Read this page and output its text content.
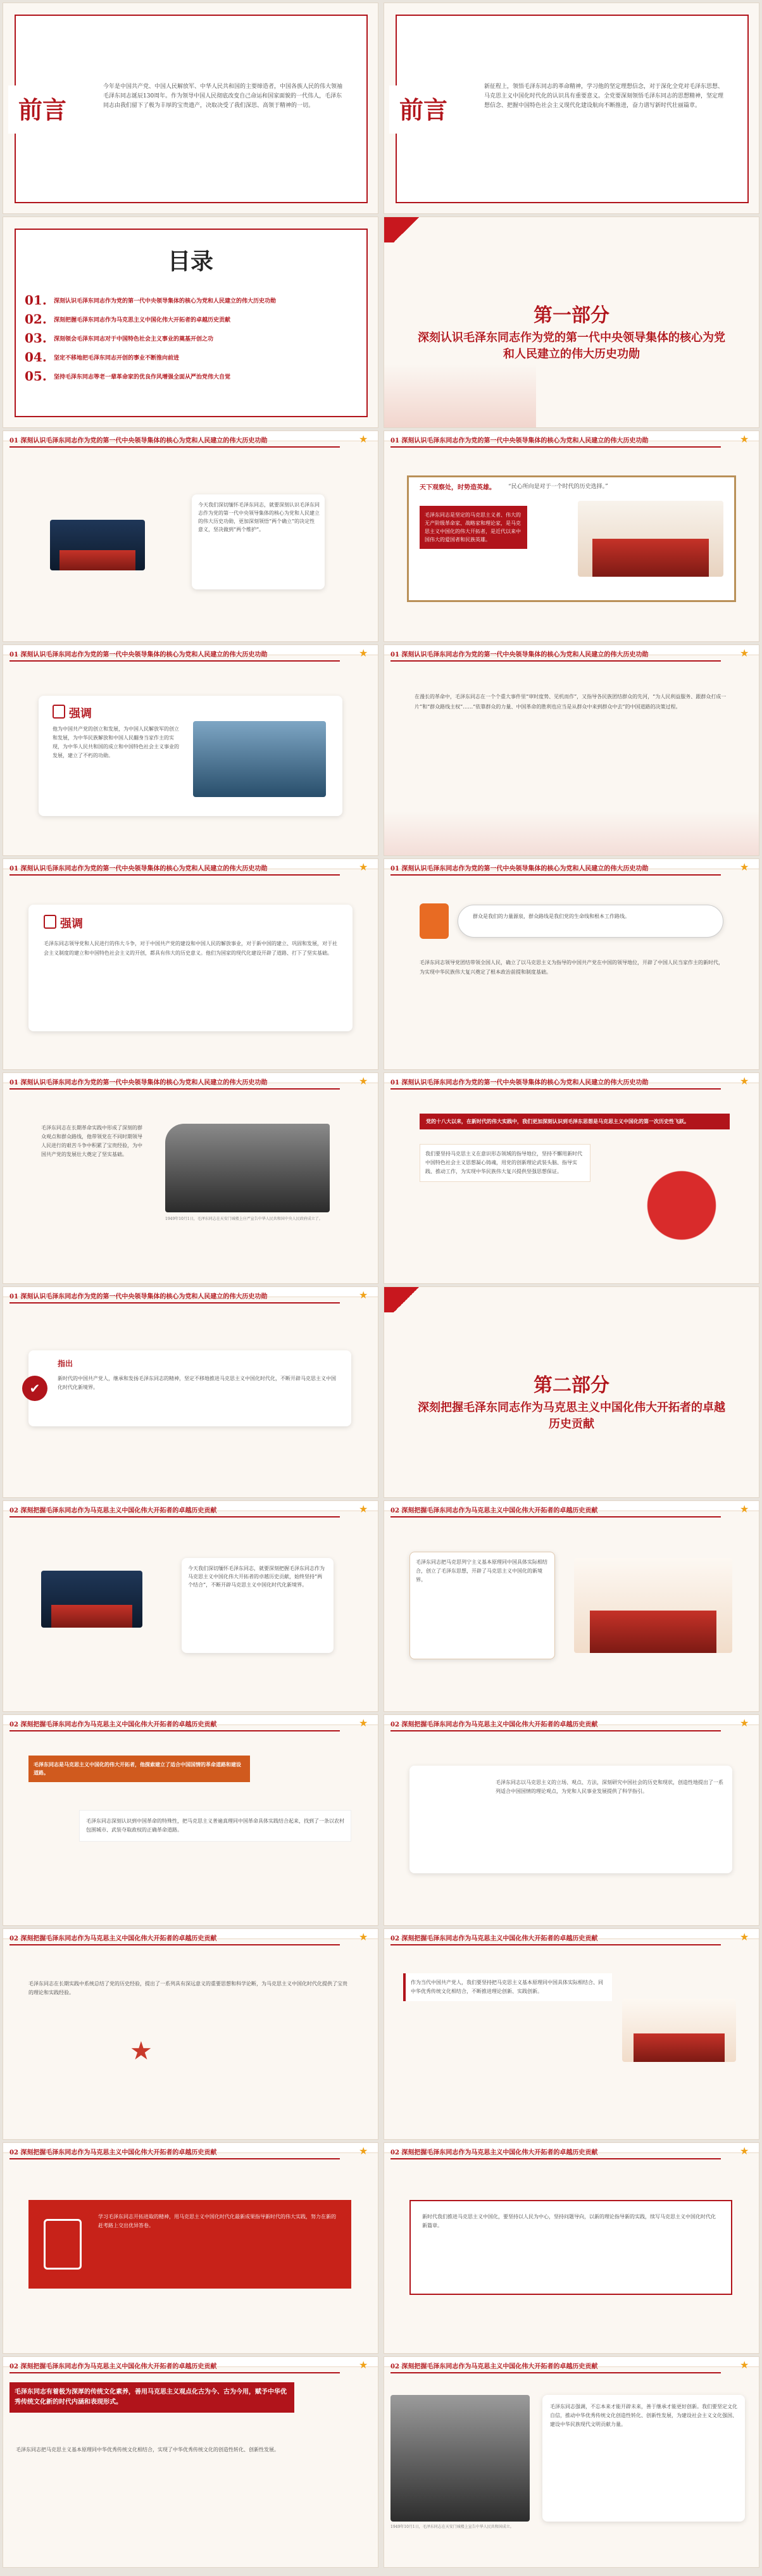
前言
今年是中国共产党、中国人民解放军、中华人民共和国的主要缔造者，中国各族人民的伟大领袖毛泽东同志诞辰130周年。作为领导中国人民彻底改变自己命运和国家面貌的一代伟人，毛泽东同志由我们留下了极为丰厚的宝贵遗产，决取决受了我们深思、高领于精神的一切。	前言
新征程上，领悟毛泽东同志的革命精神，学习他的坚定理想信念，对于深化全党对毛泽东思想、马克思主义中国化时代化的认识具有重要意义。全党要深刻领悟毛泽东同志的思想精神，坚定理想信念、把握中国特色社会主义现代化建设航向不断推进，奋力谱写新时代壮丽篇章。
目录
01.	深刻认识毛泽东同志作为党的第一代中央领导集体的核心为党和人民建立的伟大历史功勋
02.	深刻把握毛泽东同志作为马克思主义中国化伟大开拓者的卓越历史贡献
03.	深刻领会毛泽东同志对于中国特色社会主义事业的奠基开创之功
04.	坚定不移地把毛泽东同志开创的事业不断推向前进
05.	坚持毛泽东同志等老一辈革命家的优良作风增强全面从严治党伟大自觉
第一部分
深刻认识毛泽东同志作为党的第一代中央领导集体的核心为党和人民建立的伟大历史功勋
01 深刻认识毛泽东同志作为党的第一代中央领导集体的核心为党和人民建立的伟大历史功勋	★
今天我们深切缅怀毛泽东同志，就要深刻认识毛泽东同志作为党的第一代中央领导集体的核心为党和人民建立的伟大历史功勋，更加深刻领悟“两个确立”的决定性意义，坚决做到“两个维护”。
01 深刻认识毛泽东同志作为党的第一代中央领导集体的核心为党和人民建立的伟大历史功勋	★
天下观察处，时势造英雄。 “民心所向是对于一个时代的历史选择。”
毛泽东同志是坚定的马克思主义者、伟大的无产阶级革命家、战略家和理论家，是马克思主义中国化的伟大开拓者，是近代以来中国伟大的爱国者和民族英雄。
01 深刻认识毛泽东同志作为党的第一代中央领导集体的核心为党和人民建立的伟大历史功勋	★
强调
他为中国共产党的创立和发展，为中国人民解放军的创立和发展，为中华民族解放和中国人民翻身当家作主的实现，为中华人民共和国的成立和中国特色社会主义事业的发展，建立了不朽的功勋。
01 深刻认识毛泽东同志作为党的第一代中央领导集体的核心为党和人民建立的伟大历史功勋	★
在漫长的革命中，毛泽东同志在一个个重大事件里“审时度势、见机而作”，又指导各民族团结群众的先河，“为人民利益服务、跟群众打成一片”和“群众路线主权”……“依靠群众的力量、中国革命的胜利也应当是从群众中来到群众中去”的中国道路的决策过程。
01 深刻认识毛泽东同志作为党的第一代中央领导集体的核心为党和人民建立的伟大历史功勋	★
强调
毛泽东同志领导党和人民进行的伟大斗争，对于中国共产党的建设和中国人民的解放事业，对于新中国的建立、巩固和发展，对于社会主义制度的建立和中国特色社会主义的开创，都具有伟大的历史意义。他们为国家的现代化建设开辟了道路、打下了坚实基础。
01 深刻认识毛泽东同志作为党的第一代中央领导集体的核心为党和人民建立的伟大历史功勋	★
群众是我们的力量源泉，群众路线是我们党的生命线和根本工作路线。
毛泽东同志领导党团结带领全国人民，确立了以马克思主义为指导的中国共产党在中国的领导地位，开辟了中国人民当家作主的新时代，为实现中华民族伟大复兴奠定了根本政治前提和制度基础。
01 深刻认识毛泽东同志作为党的第一代中央领导集体的核心为党和人民建立的伟大历史功勋	★
毛泽东同志在长期革命实践中形成了深刻的群众观点和群众路线，他带领党在不同时期领导人民进行的艰苦斗争中积累了宝贵经验，为中国共产党的发展壮大奠定了坚实基础。
1949年10月1日，毛泽东同志在天安门城楼上庄严宣告中华人民共和国中央人民政府成立了。
01 深刻认识毛泽东同志作为党的第一代中央领导集体的核心为党和人民建立的伟大历史功勋	★
党的十八大以来，在新时代的伟大实践中，我们更加深刻认识到毛泽东思想是马克思主义中国化的第一次历史性飞跃。
我们要坚持马克思主义在意识形态领域的指导地位，坚持不懈用新时代中国特色社会主义思想凝心铸魂，用党的创新理论武装头脑、指导实践、推动工作，为实现中华民族伟大复兴提供坚强思想保证。
01 深刻认识毛泽东同志作为党的第一代中央领导集体的核心为党和人民建立的伟大历史功勋	★
✔
指出
新时代的中国共产党人，继承和发扬毛泽东同志的精神，坚定不移地推进马克思主义中国化时代化，不断开辟马克思主义中国化时代化新境界。	第二部分
深刻把握毛泽东同志作为马克思主义中国化伟大开拓者的卓越历史贡献
02 深刻把握毛泽东同志作为马克思主义中国化伟大开拓者的卓越历史贡献	★
今天我们深切缅怀毛泽东同志，就要深刻把握毛泽东同志作为马克思主义中国化伟大开拓者的卓越历史贡献，始终坚持“两个结合”，不断开辟马克思主义中国化时代化新境界。
02 深刻把握毛泽东同志作为马克思主义中国化伟大开拓者的卓越历史贡献	★
毛泽东同志把马克思列宁主义基本原理同中国具体实际相结合，创立了毛泽东思想，开辟了马克思主义中国化的新境界。
02 深刻把握毛泽东同志作为马克思主义中国化伟大开拓者的卓越历史贡献	★
毛泽东同志是马克思主义中国化的伟大开拓者，他探索建立了适合中国国情的革命道路和建设道路。
毛泽东同志深刻认识到中国革命的特殊性，把马克思主义普遍真理同中国革命具体实践结合起来，找到了一条以农村包围城市、武装夺取政权的正确革命道路。
02 深刻把握毛泽东同志作为马克思主义中国化伟大开拓者的卓越历史贡献	★
毛泽东同志以马克思主义的立场、观点、方法，深刻研究中国社会的历史和现状，创造性地提出了一系列适合中国国情的理论观点，为党和人民事业发展提供了科学指引。
02 深刻把握毛泽东同志作为马克思主义中国化伟大开拓者的卓越历史贡献	★
毛泽东同志在长期实践中系统总结了党的历史经验，提出了一系列具有深远意义的重要思想和科学论断，为马克思主义中国化时代化提供了宝贵的理论和实践经验。
★
02 深刻把握毛泽东同志作为马克思主义中国化伟大开拓者的卓越历史贡献	★
作为当代中国共产党人，我们要坚持把马克思主义基本原理同中国具体实际相结合、同中华优秀传统文化相结合，不断推进理论创新、实践创新。
02 深刻把握毛泽东同志作为马克思主义中国化伟大开拓者的卓越历史贡献	★
学习毛泽东同志开拓进取的精神，用马克思主义中国化时代化最新成果指导新时代的伟大实践，努力在新的赶考路上交出优异答卷。
02 深刻把握毛泽东同志作为马克思主义中国化伟大开拓者的卓越历史贡献	★
新时代我们推进马克思主义中国化，要坚持以人民为中心，坚持问题导向，以新的理论指导新的实践，续写马克思主义中国化时代化新篇章。
02 深刻把握毛泽东同志作为马克思主义中国化伟大开拓者的卓越历史贡献	★
毛泽东同志有着极为深厚的传统文化素养，善用马克思主义观点化古为今、古为今用，赋予中华优秀传统文化新的时代内涵和表现形式。
毛泽东同志把马克思主义基本原理同中华优秀传统文化相结合，实现了中华优秀传统文化的创造性转化、创新性发展。
02 深刻把握毛泽东同志作为马克思主义中国化伟大开拓者的卓越历史贡献	★
1949年10月1日，毛泽东同志在天安门城楼上宣告中华人民共和国成立。
毛泽东同志强调，不忘本来才能开辟未来，善于继承才能更好创新。我们要坚定文化自信，推动中华优秀传统文化创造性转化、创新性发展，为建设社会主义文化强国、建设中华民族现代文明贡献力量。
